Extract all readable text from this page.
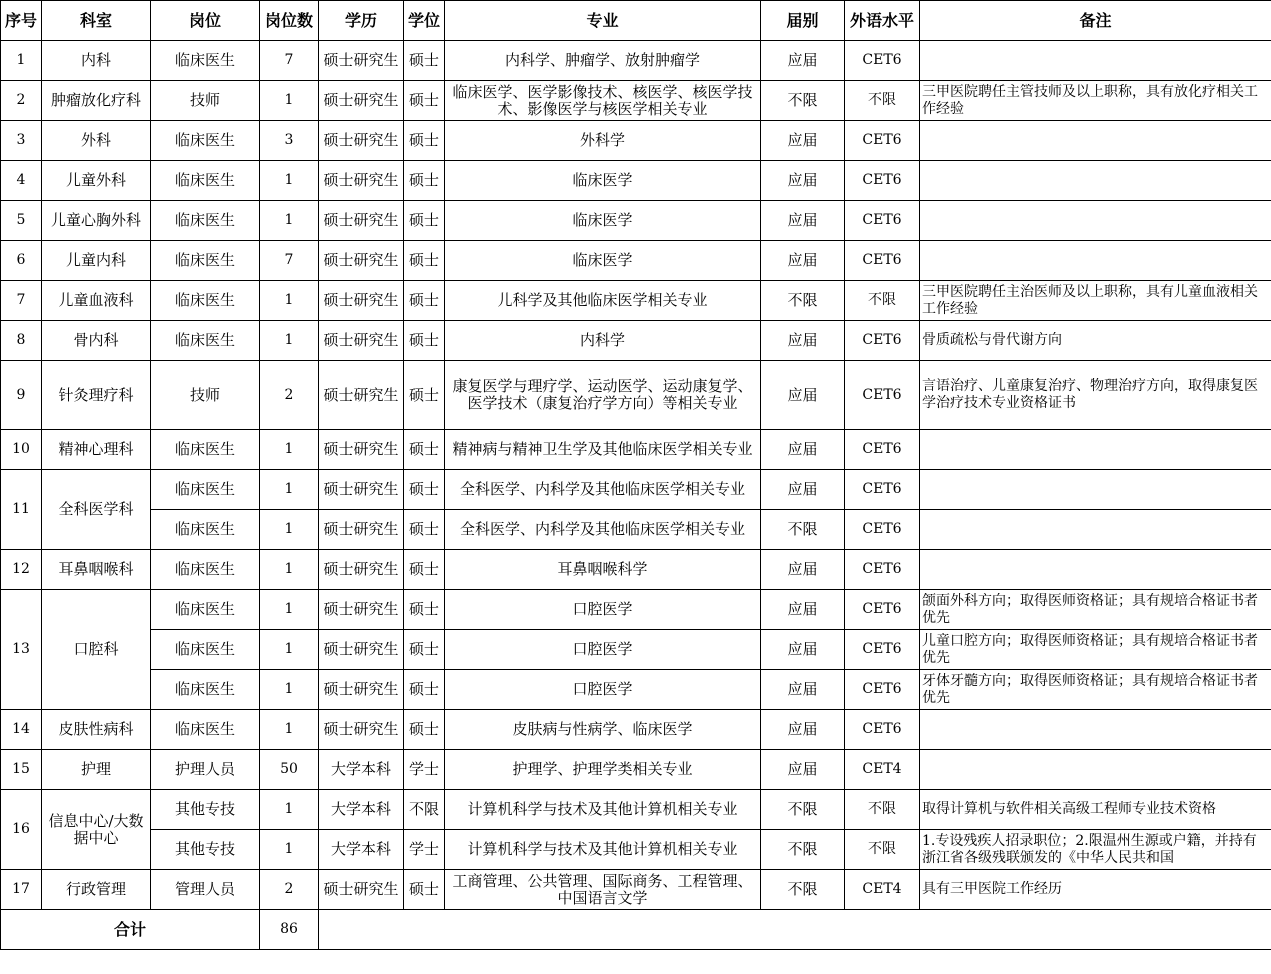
序号	科室	岗位	岗位数	学历	学位	专业	届别	外语水平	备注
1	内科	临床医生	7	硕士研究生	硕士	内科学、肿瘤学、放射肿瘤学	应届	CET6	

2	肿瘤放化疗科	技师	1	硕士研究生	硕士	临床医学、医学影像技术、核医学、核医学技术、影像医学与核医学相关专业	不限	不限	三甲医院聘任主管技师及以上职称，具有放化疗相关工作经验

3	外科	临床医生	3	硕士研究生	硕士	外科学	应届	CET6	

4	儿童外科	临床医生	1	硕士研究生	硕士	临床医学	应届	CET6	

5	儿童心胸外科	临床医生	1	硕士研究生	硕士	临床医学	应届	CET6	

6	儿童内科	临床医生	7	硕士研究生	硕士	临床医学	应届	CET6	

7	儿童血液科	临床医生	1	硕士研究生	硕士	儿科学及其他临床医学相关专业	不限	不限	三甲医院聘任主治医师及以上职称，具有儿童血液相关工作经验

8	骨内科	临床医生	1	硕士研究生	硕士	内科学	应届	CET6	骨质疏松与骨代谢方向

9	针灸理疗科	技师	2	硕士研究生	硕士	康复医学与理疗学、运动医学、运动康复学、医学技术（康复治疗学方向）等相关专业	应届	CET6	言语治疗、儿童康复治疗、物理治疗方向，取得康复医学治疗技术专业资格证书

10	精神心理科	临床医生	1	硕士研究生	硕士	精神病与精神卫生学及其他临床医学相关专业	应届	CET6	

11	全科医学科	临床医生	1	硕士研究生	硕士	全科医学、内科学及其他临床医学相关专业	应届	CET6	

		临床医生	1	硕士研究生	硕士	全科医学、内科学及其他临床医学相关专业	不限	CET6	

12	耳鼻咽喉科	临床医生	1	硕士研究生	硕士	耳鼻咽喉科学	应届	CET6	

13	口腔科	临床医生	1	硕士研究生	硕士	口腔医学	应届	CET6	颌面外科方向；取得医师资格证；具有规培合格证书者优先

		临床医生	1	硕士研究生	硕士	口腔医学	应届	CET6	儿童口腔方向；取得医师资格证；具有规培合格证书者优先

		临床医生	1	硕士研究生	硕士	口腔医学	应届	CET6	牙体牙髓方向；取得医师资格证；具有规培合格证书者优先

14	皮肤性病科	临床医生	1	硕士研究生	硕士	皮肤病与性病学、临床医学	应届	CET6	

15	护理	护理人员	50	大学本科	学士	护理学、护理学类相关专业	应届	CET4	

16	信息中心/大数据中心	其他专技	1	大学本科	不限	计算机科学与技术及其他计算机相关专业	不限	不限	取得计算机与软件相关高级工程师专业技术资格

		其他专技	1	大学本科	学士	计算机科学与技术及其他计算机相关专业	不限	不限	1.专设残疾人招录职位；2.限温州生源或户籍，并持有浙江省各级残联颁发的《中华人民共和国

17	行政管理	管理人员	2	硕士研究生	硕士	工商管理、公共管理、国际商务、工程管理、中国语言文学	不限	CET4	具有三甲医院工作经历

合计			86						
